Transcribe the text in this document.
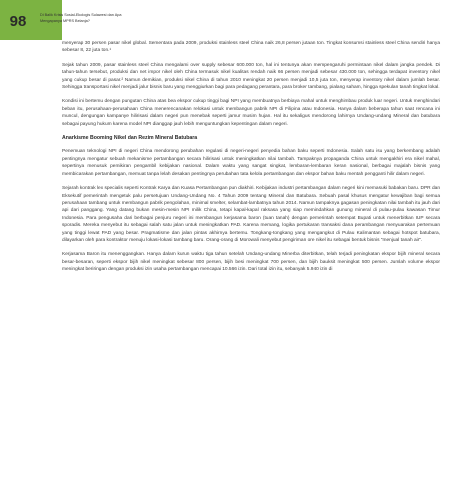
98	Di Balik Krisis Sosial-Ekologis Sulawesi dan Apa
Mengapanya MPRS Belanja?

menyerap 30 persen pasar nikel global. Sementara pada 2009, produksi stainless steel China naik 26,8 persen jutaan ton. Tingkat konsumsi stainless steel China sendiri hanya sebesar 8, 22 juta ton.¹

Sejak tahun 2009, pasar stainless steel China mengalami over supply sebesar 600.000 ton, hal ini tentunya akan mempengaruhi permintaan nikel dalam jangka pendek. Di tahun-tahun tersebut, produksi dan net impor nikel oleh China termasuk nikel kualitas rendah naik 66 persen menjadi sebesar 430.000 ton, sehingga terdapat inventory nikel yang cukup besar di pasar.² Namun demikian, produksi nikel China di tahun 2010 meningkat 20 persen menjadi 10,5 juta ton, menyerap inventory nikel dalam jumlah besar. Sehingga transportasi nikel menjadi jalur bisnis baru yang menggiurkan bagi para pedagang perantara, para broker tambang, pialang saham, hingga spekulan tanah tingkat lokal.

Kondisi ini bertemu dengan pungutan China atas bea ekspor cukup tinggi bagi NPI yang membuatnya berbiaya mahal untuk menghimbau produk luar negeri. Untuk menghindari beban itu, perusahaan-perusahaan China menerencanakan relokasi untuk membangun pabrik NPI di Filipina atau Indonesia. Hanya dalam beberapa tahun saat rencana ini muncul, dengungan kampanye hilirisasi dalam negeri pun menebak seperti jamur musim hujan. Hal itu sekaligus mendorong lahirnya Undang-undang Mineral dan batubara sebagai payung hukum karena model NPI dianggap jauh lebih menguntungkan kepentingan dalam negeri.

Anarkisme Booming Nikel dan Rezim Mineral Batubara

Penemuan teknologi NPI di negeri China mendorong perubahan regulasi di negeri-negeri penyedia bahan baku seperti Indonesia. Salah satu isu yang berkembang adalah pentingnya mengatur sebuah mekanisme pertambangan secara hilirisasi untuk meningkatkan nilai tambah. Tampaknya propaganda China untuk mengakhiri era nikel mahal, sepertinya menusuk pemikiran pengambil kebijakan nasional. Dalam waktu yang sangat singkat, lembaran-lembaran keran nasional, berbagai majalah bisnis yang membicarakan pertambangan, memuat tanpa lelah desakan pentingnya perubahan tata kelola pertambangan dan ekspor bahan baku mentah pengganti hilir dalam negeri.

Sejarah kontrak lex specialis seperti Kontrak Karya dan Kuasa Pertambangan pun diakhiri. Kebijakan industri pertambangan dalam negeri kini memasuki babakan baru. DPR dan Eksekutif pemerintah mengetuk palu persetujuan Undang-Undang No. 4 Tahun 2009 tentang Mineral dan Batubara. Sebuah pasal khusus mengatur kewajiban bagi semua perusahaan tambang untuk membangun pabrik pengolahan, minimal smelter, selambat-lambatnya tahun 2014. Namun tampaknya gagasan peningkatan nilai tambah itu jauh dari api dari panggang. Yang datang bukan mesin-mesin NPI milik China, tetapi kapal-kapal raksasa yang siap memindahkan gunung mineral di pulau-pulau kawasan Timur Indonesia. Para pengusaha dari berbagai penjuru negeri ini membangun kerjasama baron (tuan tanah) dengan pemerintah setempat Bupati untuk menerbitkan IUP secara sporadis. Mereka menyebut itu sebagai salah satu jalan untuk meningkatkan PAD. Karena memang, logika pertukaran transaksi dana perambangan menyuarakan pertemuan yang tinggi lewat PAD yang besar. Pragmatisme dan jalan pintas akhirnya bertemu. Tongkang-tongkang yang mengangkut di Pulau Kalimantan sebagai hotspot batubara, dilayarkan oleh para kontraktor menuju lokasi-lokasi tambang baru. Orang-orang di Morowali menyebut pengiriman ore nikel itu sebagai bentuk bisnis “menjual tanah air”.

Kerjasama Baron itu menenggangkan. Hanya dalam kurun waktu tiga tahun setelah Undang-undang Minerba diterbitkan, telah terjadi peningkatan ekspor bijih mineral secara besar-besaran, seperti ekspor bijih nikel meningkat sebesar 800 persen, bijih besi meningkat 700 persen, dan bijih bauksit meningkat 500 persen. Jumlah volume ekspor meningkat beriringan dengan produksi izin usaha pertambangan mencapai 10.566 izin. Dari total izin itu, sebanyak 5.940 izin di
